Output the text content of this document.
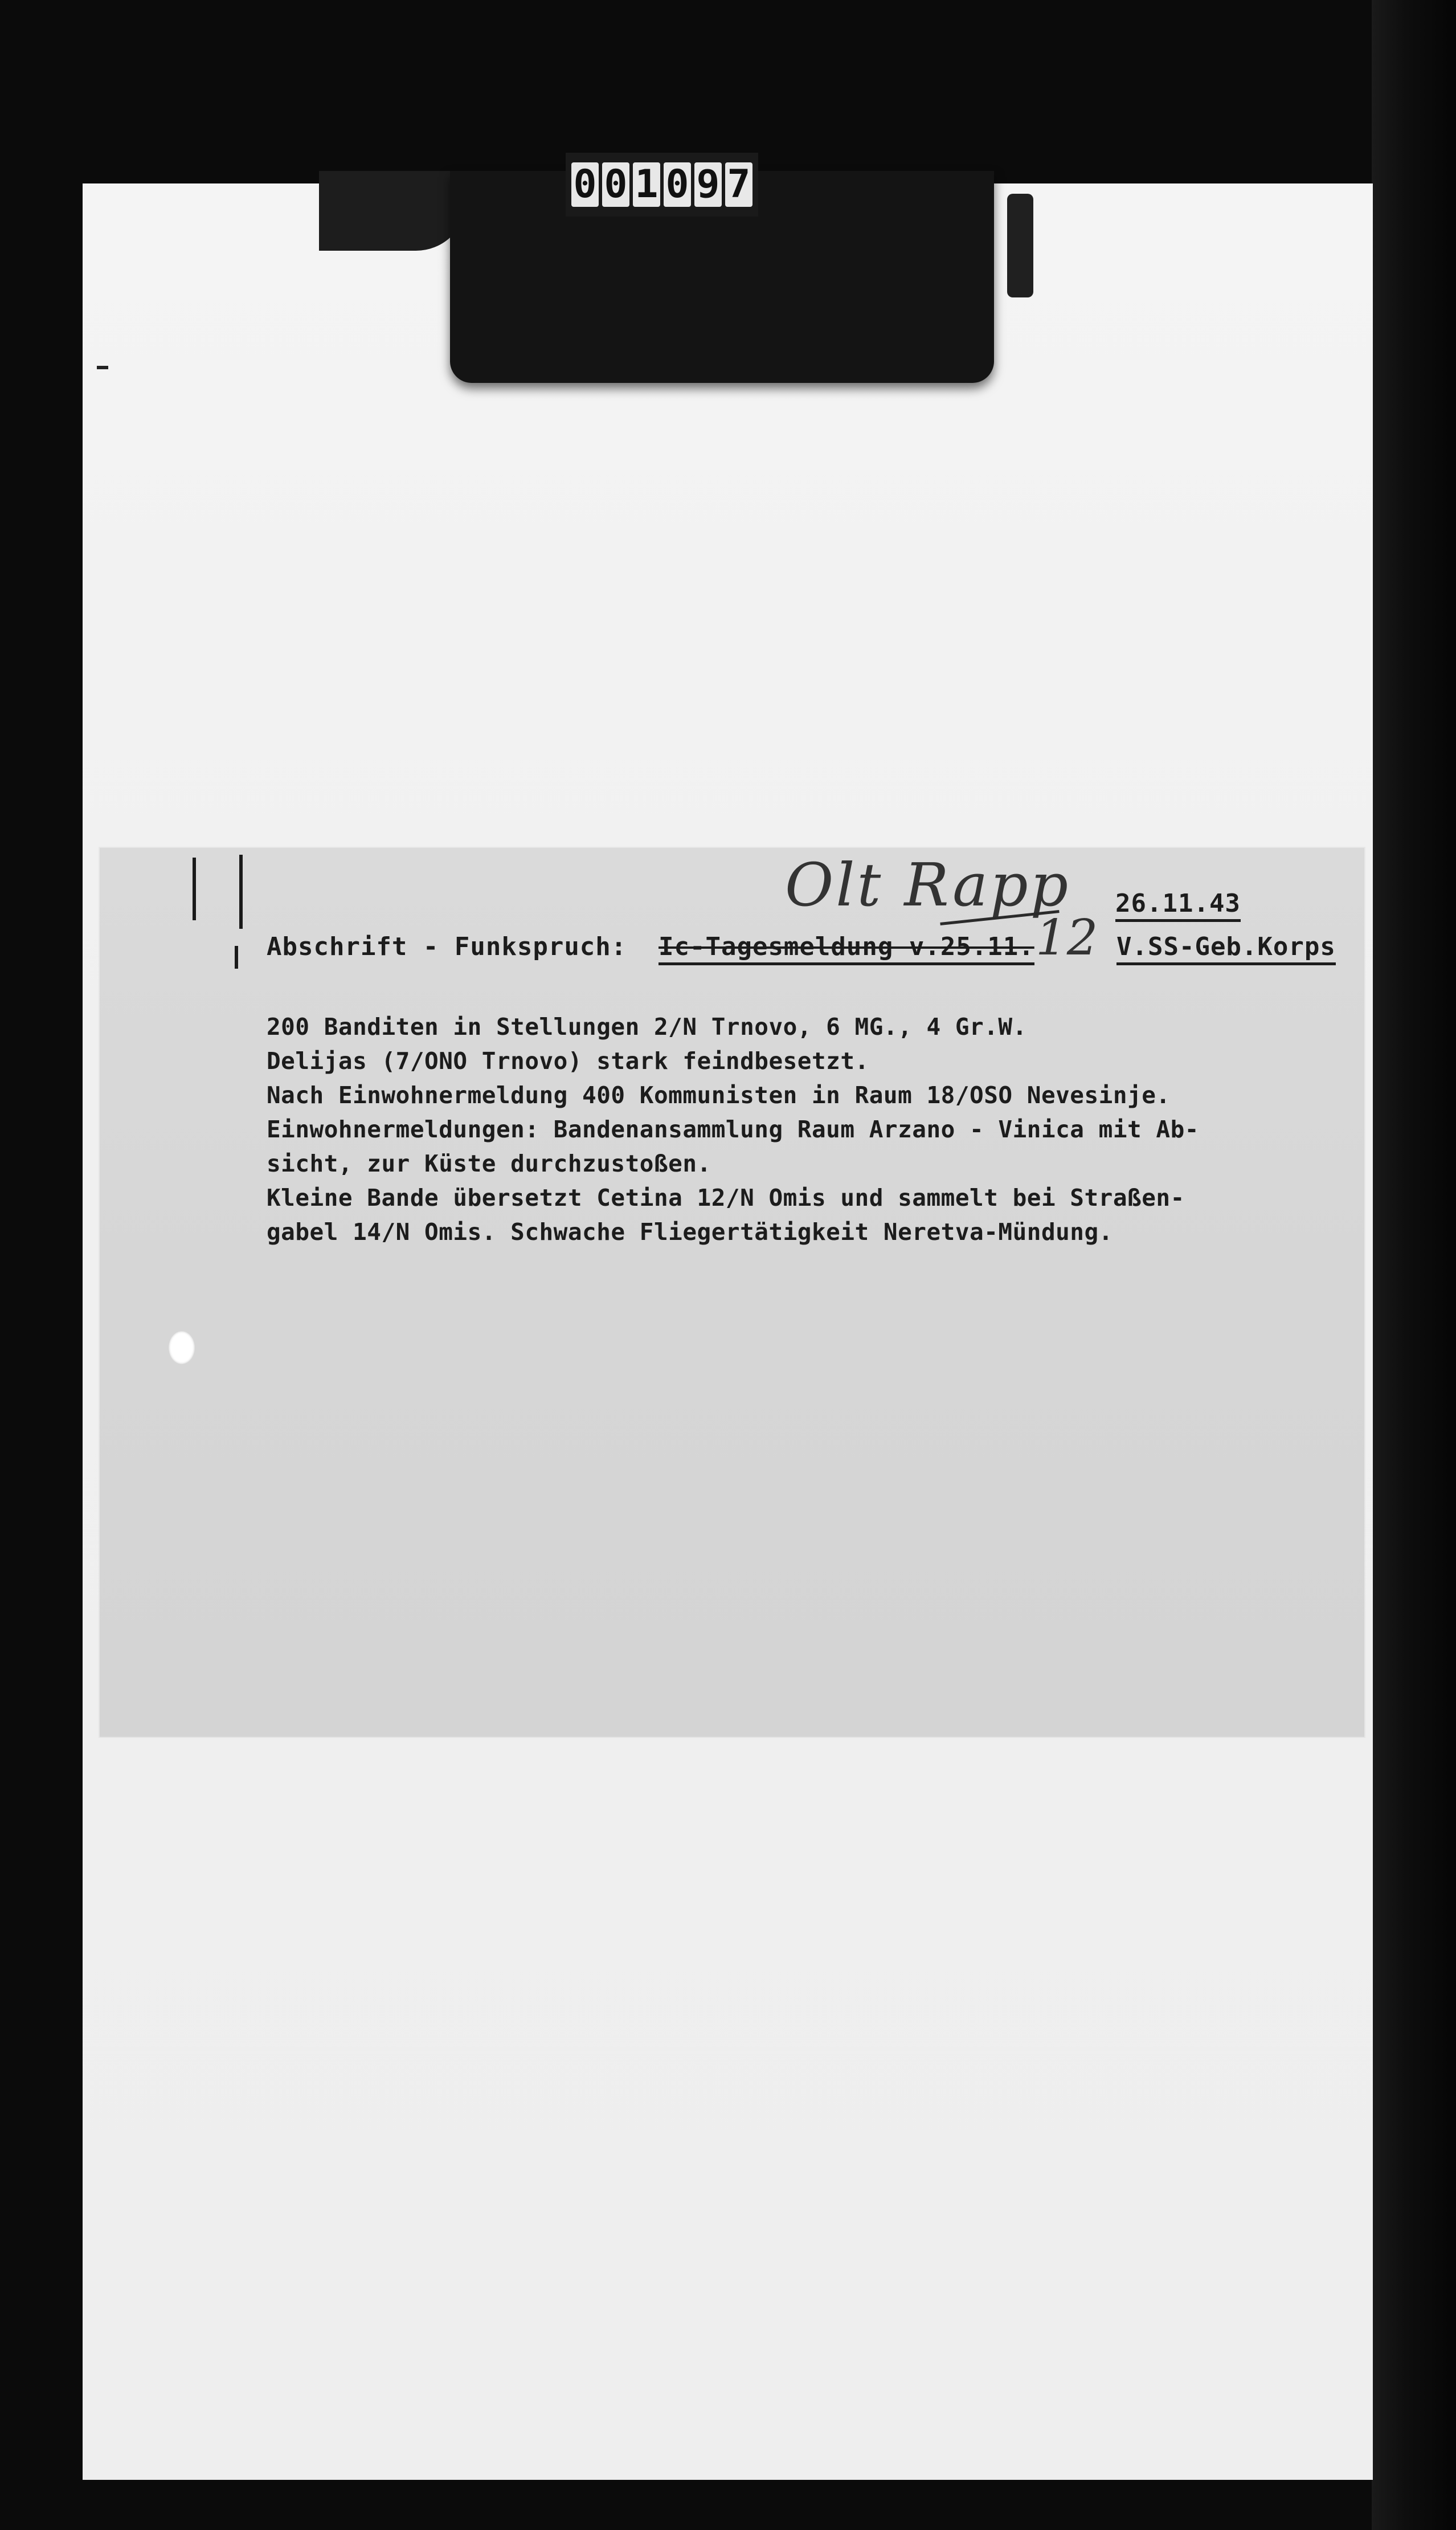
0 0 1 0 9 7
Olt Rapp 26.11.43
Abschrift - Funkspruch: Ic-Tagesmeldung v.25.11. 12 V.SS-Geb.Korps
200 Banditen in Stellungen 2/N Trnovo, 6 MG., 4 Gr.W.
Delijas (7/ONO Trnovo) stark feindbesetzt.
Nach Einwohnermeldung 400 Kommunisten in Raum 18/OSO Nevesinje.
Einwohnermeldungen: Bandenansammlung Raum Arzano - Vinica mit Ab-
sicht, zur Küste durchzustoßen.
Kleine Bande übersetzt Cetina 12/N Omis und sammelt bei Straßen-
gabel 14/N Omis. Schwache Fliegertätigkeit Neretva-Mündung.
